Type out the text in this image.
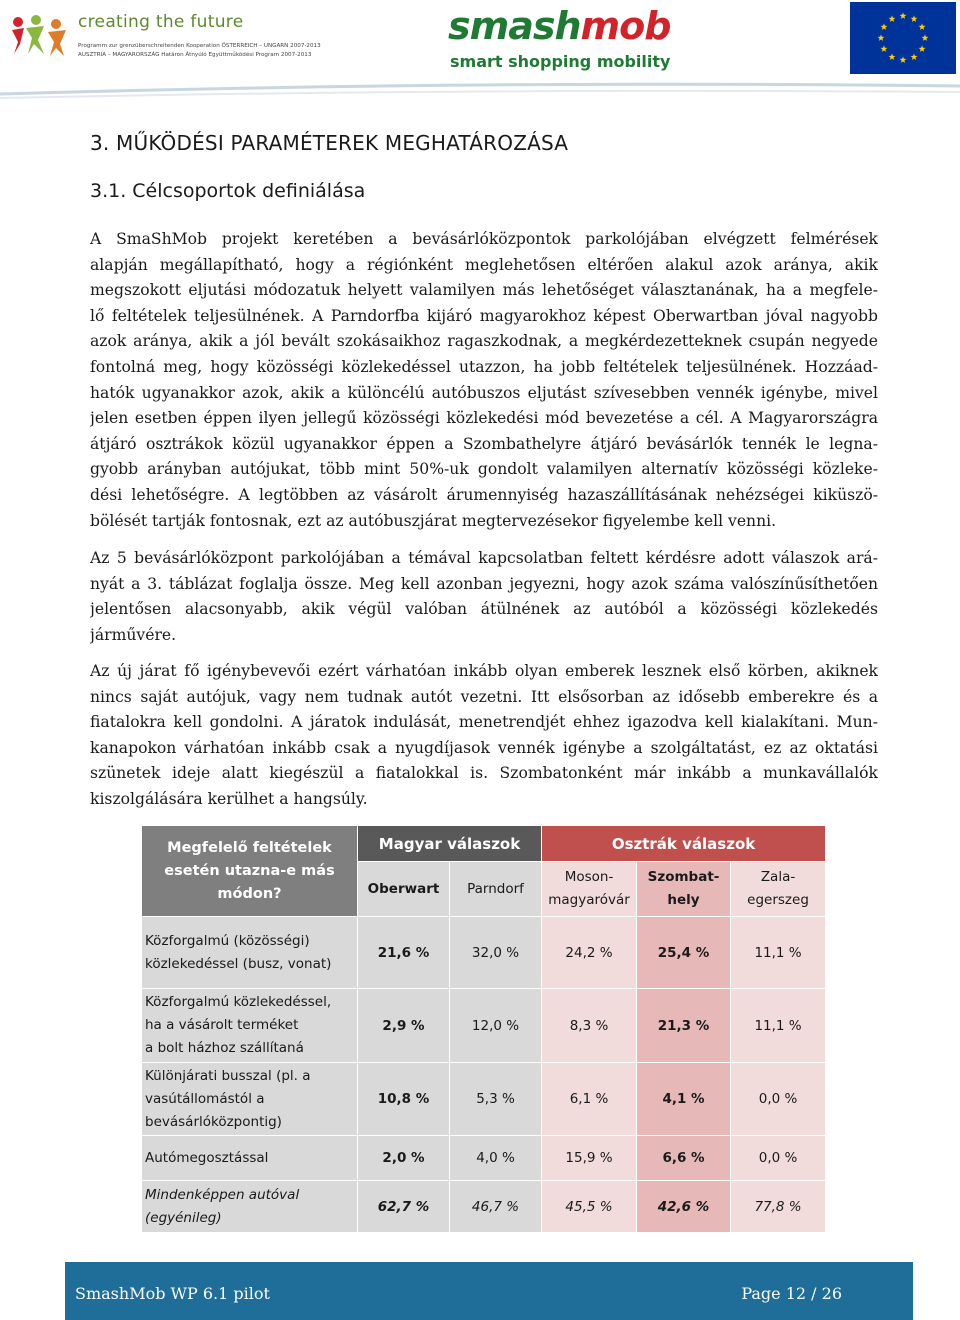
creating the future
Programm zur grenzüberschreitenden Kooperation ÖSTERREICH – UNGARN 2007-2013
AUSZTRIA – MAGYARORSZÁG Határon Átnyúló Együttműködési Program 2007-2013
smashmob
smart shopping mobility
3. MŰKÖDÉSI PARAMÉTEREK MEGHATÁROZÁSA
3.1. Célcsoportok definiálása
A SmaShMob projekt keretében a bevásárlóközpontok parkolójában elvégzett felmérések
alapján megállapítható, hogy a régiónként meglehetősen eltérően alakul azok aránya, akik
megszokott eljutási módozatuk helyett valamilyen más lehetőséget választanának, ha a megfele-
lő feltételek teljesülnének. A Parndorfba kijáró magyarokhoz képest Oberwartban jóval nagyobb
azok aránya, akik a jól bevált szokásaikhoz ragaszkodnak, a megkérdezetteknek csupán negyede
fontolná meg, hogy közösségi közlekedéssel utazzon, ha jobb feltételek teljesülnének. Hozzáad-
hatók ugyanakkor azok, akik a különcélú autóbuszos eljutást szívesebben vennék igénybe, mivel
jelen esetben éppen ilyen jellegű közösségi közlekedési mód bevezetése a cél. A Magyarországra
átjáró osztrákok közül ugyanakkor éppen a Szombathelyre átjáró bevásárlók tennék le legna-
gyobb arányban autójukat, több mint 50%-uk gondolt valamilyen alternatív közösségi közleke-
dési lehetőségre. A legtöbben az vásárolt árumennyiség hazaszállításának nehézségei kiküszö-
bölését tartják fontosnak, ezt az autóbuszjárat megtervezésekor figyelembe kell venni.
Az 5 bevásárlóközpont parkolójában a témával kapcsolatban feltett kérdésre adott válaszok ará-
nyát a 3. táblázat foglalja össze. Meg kell azonban jegyezni, hogy azok száma valószínűsíthetően
jelentősen alacsonyabb, akik végül valóban átülnének az autóból a közösségi közlekedés
járművére.
Az új járat fő igénybevevői ezért várhatóan inkább olyan emberek lesznek első körben, akiknek
nincs saját autójuk, vagy nem tudnak autót vezetni. Itt elsősorban az idősebb emberekre és a
fiatalokra kell gondolni. A járatok indulását, menetrendjét ehhez igazodva kell kialakítani. Mun-
kanapokon várhatóan inkább csak a nyugdíjasok vennék igénybe a szolgáltatást, ez az oktatási
szünetek ideje alatt kiegészül a fiatalokkal is. Szombatonként már inkább a munkavállalók
kiszolgálására kerülhet a hangsúly.
Megfelelő feltételek esetén utazna-e más módon?	Magyar válaszok		Osztrák válaszok		
	Oberwart	Parndorf	Moson-
magyaróvár	Szombat-
hely	Zala-
egerszeg
Közforgalmú (közösségi)
közlekedéssel (busz, vonat)	21,6 %	32,0 %	24,2 %	25,4 %	11,1 %
Közforgalmú közlekedéssel,
ha a vásárolt terméket
a bolt házhoz szállítaná	2,9 %	12,0 %	8,3 %	21,3 %	11,1 %
Különjárati busszal (pl. a
vasútállomástól a
bevásárlóközpontig)	10,8 %	5,3 %	6,1 %	4,1 %	0,0 %
Autómegosztással	2,0 %	4,0 %	15,9 %	6,6 %	0,0 %
Mindenképpen autóval
(egyénileg)	62,7 %	46,7 %	45,5 %	42,6 %	77,8 %
SmashMob WP 6.1 pilot	Page 12 / 26
